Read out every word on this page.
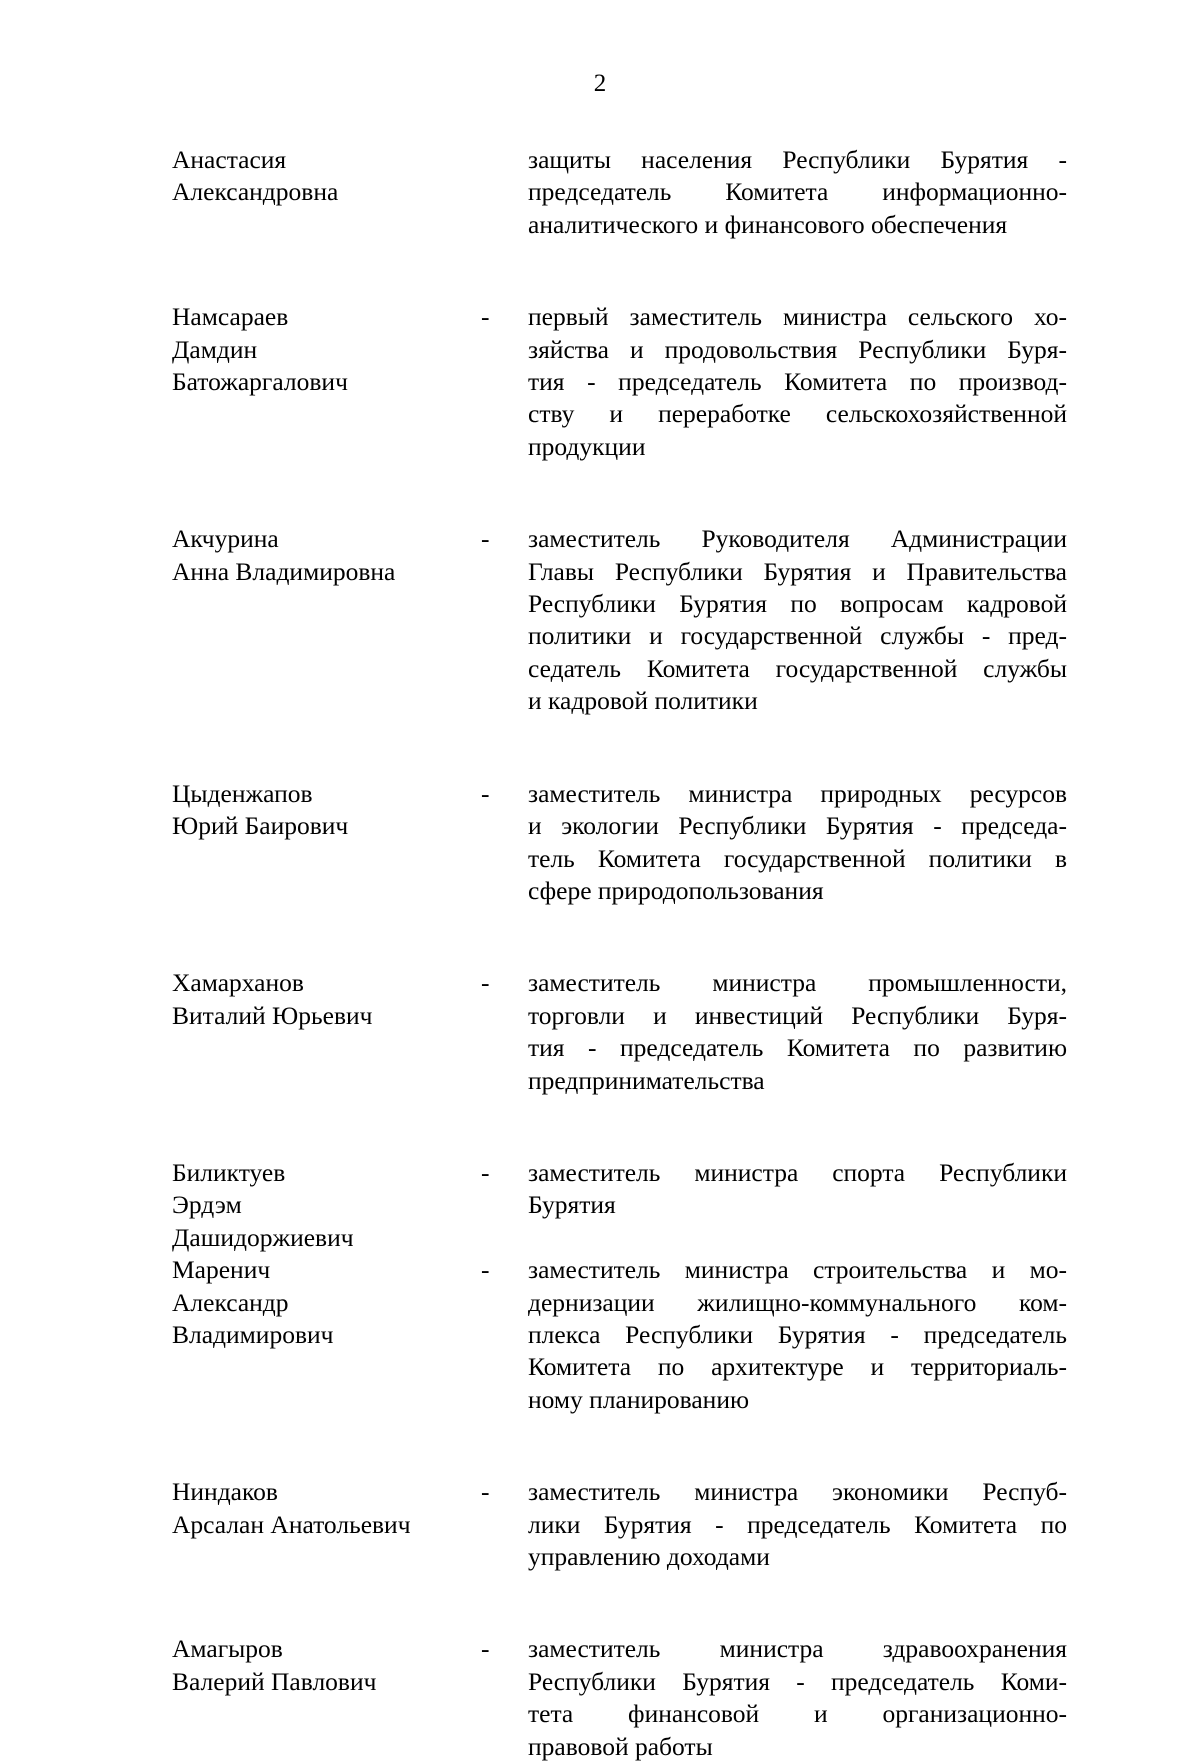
2
Анастасия
Александровна
защиты населения Республики Бурятия -
председатель Комитета информационно-
аналитического и финансового обеспечения
Намсараев
Дамдин
Батожаргалович
- первый заместитель министра сельского хо-
зяйства и продовольствия Республики Буря-
тия - председатель Комитета по производ-
ству и переработке сельскохозяйственной
продукции
Акчурина
Анна Владимировна
- заместитель Руководителя Администрации
Главы Республики Бурятия и Правительства
Республики Бурятия по вопросам кадровой
политики и государственной службы - пред-
седатель Комитета государственной службы
и кадровой политики
Цыденжапов
Юрий Баирович
- заместитель министра природных ресурсов
и экологии Республики Бурятия - председа-
тель Комитета государственной политики в
сфере природопользования
Хамарханов
Виталий Юрьевич
- заместитель министра промышленности,
торговли и инвестиций Республики Буря-
тия - председатель Комитета по развитию
предпринимательства
Биликтуев
Эрдэм
Дашидоржиевич
- заместитель министра спорта Республики
Бурятия
Маренич
Александр
Владимирович
- заместитель министра строительства и мо-
дернизации жилищно-коммунального ком-
плекса Республики Бурятия - председатель
Комитета по архитектуре и территориаль-
ному планированию
Ниндаков
Арсалан Анатольевич
- заместитель министра экономики Респуб-
лики Бурятия - председатель Комитета по
управлению доходами
Амагыров
Валерий Павлович
- заместитель министра здравоохранения
Республики Бурятия - председатель Коми-
тета финансовой и организационно-
правовой работы
